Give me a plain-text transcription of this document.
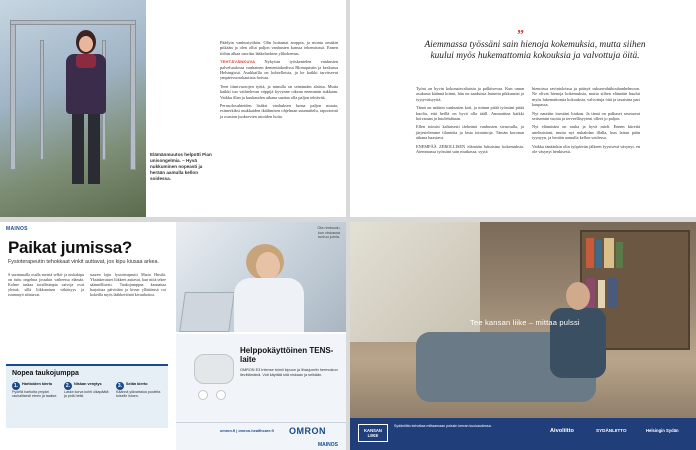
Elämänmuutos helpotti Pian unisongelmia. – Hyvä nukkuminen nopeasti ja herään aamulla kellon soidessa.

Päädyin vanhustyöhön. Olin hoitamat aroppia, ja monta omakin pitkään ja olen ollut paljon vanhusten kanssa tekemisissä. Ennen töihin alkaa suoritin lääkeluokien ylikokemus.

TEHTÄVÄNKUVA Nykyisin työskentelen vanhusten palvelutalossa vanhainen dementiakodissa Blomquistin ja keskussa Helsingissä. Asukkailla on kohtelloista, ja he kaikki tarvitsevat ympärivuorokautista hoivaa.

Teen tiimivuorojen työtä, ja minulla on seinämäin alaista. Mutta kaikki tuo vaihtelevan väppijä kyvynne oikean enemmän aukkaan. Vaikka illan ja kuukauden aikana saattaa olla paljon tehtävää.

Perusolosuhteiden lisäksi vanhuksen luona paljon muuta, esimerkiksi asukkaiden ikäihmisen ohjelman suunnittelu, raportointi ja osaston juoksevien asioiden hoito.

”
Aiemmassa työssäni sain hienoja kokemuksia, mutta siihen kuului myös hukemattomia kokouksia ja valvottuja öitä.

Työni on hyvin kokonaisvaltaista ja palkitsevaa. Kun oman asukasta käännä kiinni, hän on saaduista lauseita pikkuasiat ja tyytyväisyyttä.

Tämä on määrin vanhusten koti, ja minun pitää työssäni pitää huolta, että heillä on hyvä olla tääll. Ammattina kaikki hoivataan ja huolehditaan.

Ellen toimisi kaltaisesti tärkeänä vanhusten sivuosalla, ja järjestelemme tilanteita ja lasta toimintoja. Tämän koronan aikana haastava.

ENEMPÄÄ ZEROLLISEN elämään lukuisina kokemuksia. Aiemmassa työssäni sain mutkassa, syytä

hienoissa ravintoloissa ja pääsyä sukunvahtikouhanhelmoon. Ne olivat hienoja kokemuksia, mutta siihen elämään kuului myös lukemattomia kokouksia, valvottuja öitä ja tasaisina pari kaupassa.

Nyt nauttiin itsestäni hiukan. Ja tämä on palkaset seuraavat seitsemän vuotta ja terveellisyyteni olleet jo paljon.

Nyt elämäsäni on rauha ja hyvä mieli. Ennen kiirettä unelmistani, mutta nyt nukahdan illalla, kun laitan pään tyynyyn, ja herään aamulla kellon soidessa.

Vaikka tänäänkin olin työpäivän jälkeen fyysisesti väsynyt, en ole väsynyt henkisesti.

MAINOS
Paikat jumissa?
Fysioterapeutin tehokkaat vinkit auttavat, jos kipu kiusaa arkea.
S uurimmalla osalla meistä selkä- ja niskakipu on tuttu ongelma jossakin vaiheessa elämää. Kolme tuskaa tavallisimpia vaivoja ovat yleisiä, sillä liikkumisen vähäisyys ja istumatyö altistavat.
suuren lajin fysioterapeutti Maria Hirsilä. Yksinkertaiset liikkeet auttavat, kun niitä tekee säännöllisesti. Taukojumppaa kannattaa harjoittaa päivittäin ja kivun yllättäessä voi kokeilla myös lääkkeetöntä kivunhoitoa.
Ota rentoudu, kun niskassa tuntuu jumia.
Nopea taukojumppa
1. Hartioiden kierto
Pyöritä hartioita ympäri rauhallisesti eteen ja taakse.
2. Niskan venytys
Laske korva kohti olkapäätä ja pidä hetki.
3. Selän kierto
Käännä ylävartaloa puolelta toiselle istuen.
Helppokäyttöinen TENS-laite
OMRON E3 Intense toimii kipuun ja lihasjumiin hermoston lievittämänä. Voit käyttää sitä niskaan ja selkään.
omron.fi | omron-healthcare.fi OMRON
MAINOS
Tee kansan liike – mittaa pulssi
KANSAN LIIKE
Sydänliitto kehottaa mittaamaan pulssin kerran kuukaudessa.
Aivoliitto	SYDÄNLIITTO	Helsingin Sydän
